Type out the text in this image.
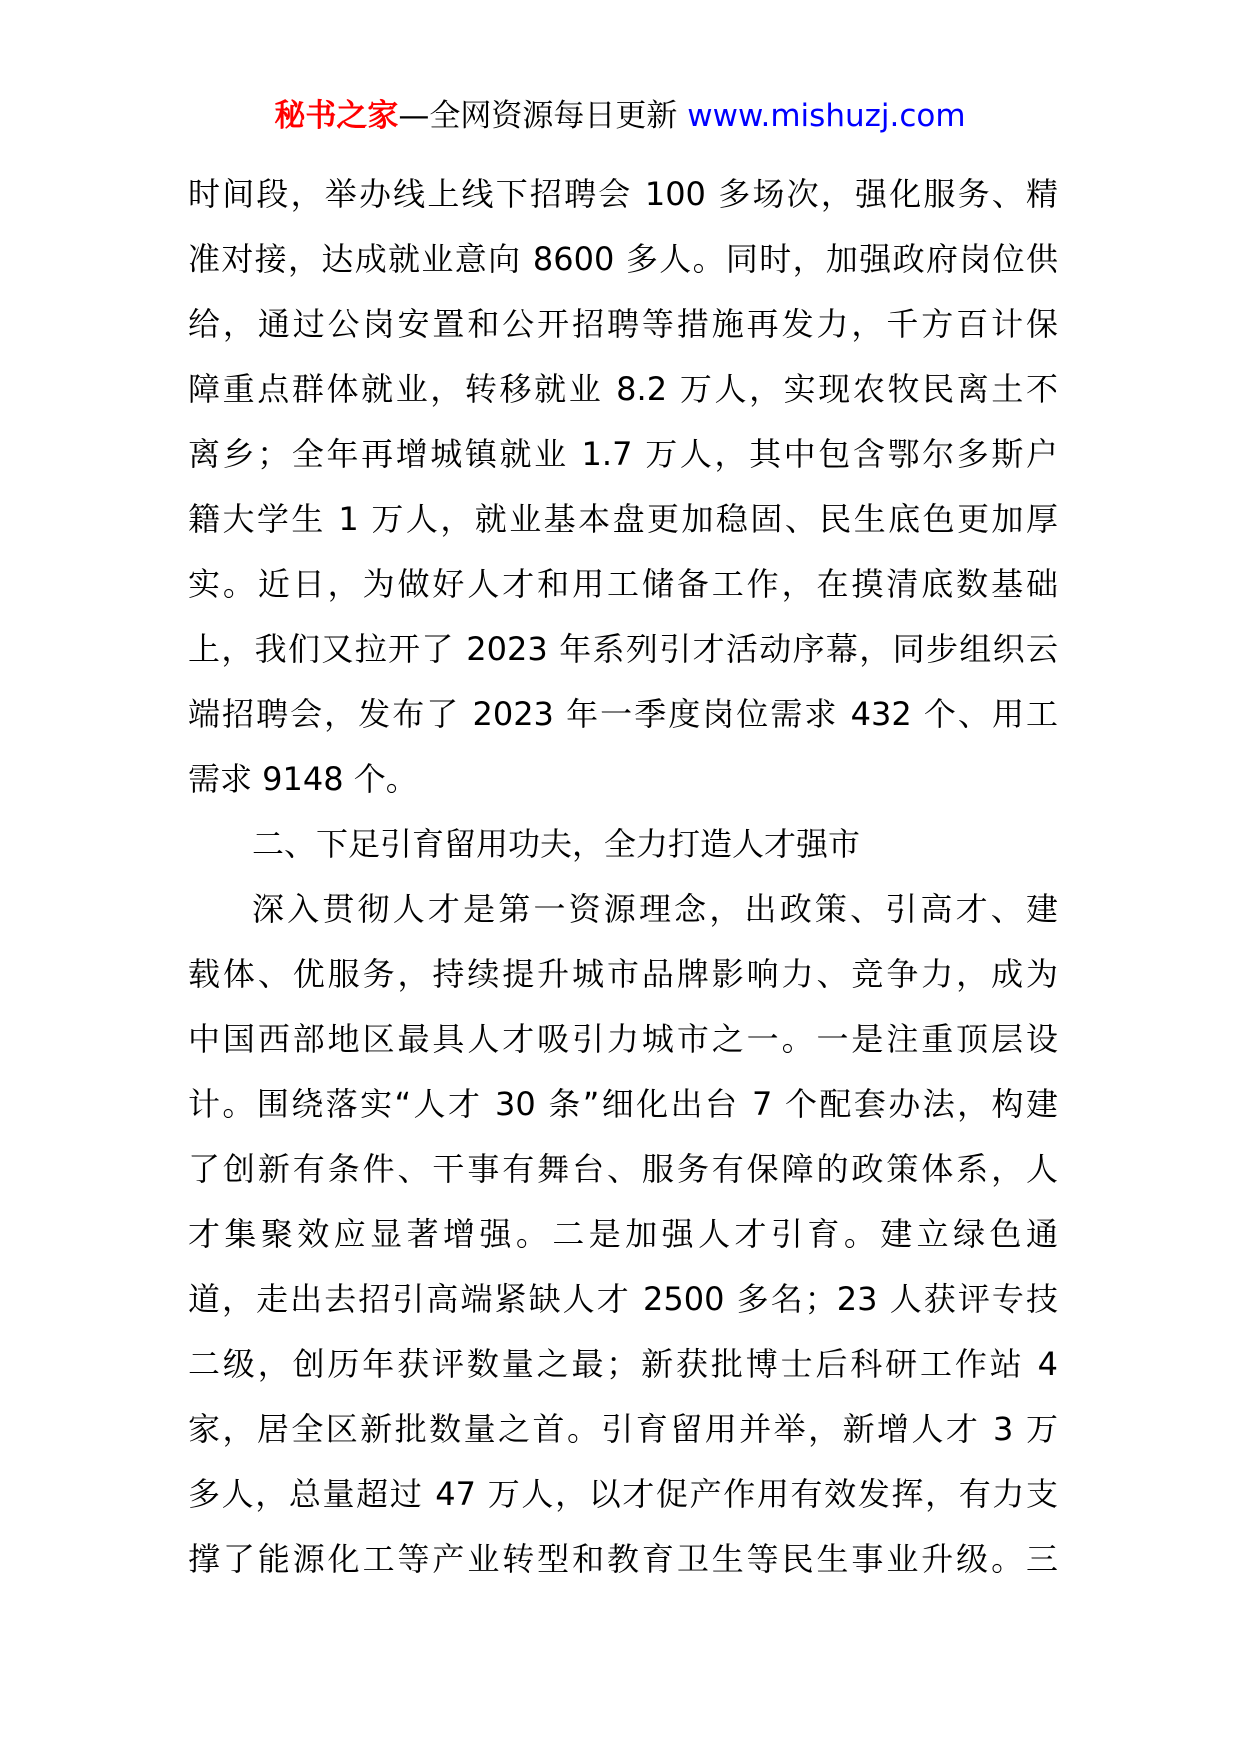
秘书之家—全网资源每日更新 www.mishuzj.com
时间段，举办线上线下招聘会 100 多场次，强化服务、精
准对接，达成就业意向 8600 多人。同时，加强政府岗位供
给，通过公岗安置和公开招聘等措施再发力，千方百计保
障重点群体就业，转移就业 8.2 万人，实现农牧民离土不
离乡；全年再增城镇就业 1.7 万人，其中包含鄂尔多斯户
籍大学生 1 万人，就业基本盘更加稳固、民生底色更加厚
实。近日，为做好人才和用工储备工作，在摸清底数基础
上，我们又拉开了 2023 年系列引才活动序幕，同步组织云
端招聘会，发布了 2023 年一季度岗位需求 432 个、用工
需求 9148 个。
二、下足引育留用功夫，全力打造人才强市
深入贯彻人才是第一资源理念，出政策、引高才、建
载体、优服务，持续提升城市品牌影响力、竞争力，成为
中国西部地区最具人才吸引力城市之一。一是注重顶层设
计。围绕落实“人才 30 条”细化出台 7 个配套办法，构建
了创新有条件、干事有舞台、服务有保障的政策体系，人
才集聚效应显著增强。二是加强人才引育。建立绿色通
道，走出去招引高端紧缺人才 2500 多名；23 人获评专技
二级，创历年获评数量之最；新获批博士后科研工作站 4
家，居全区新批数量之首。引育留用并举，新增人才 3 万
多人，总量超过 47 万人，以才促产作用有效发挥，有力支
撑了能源化工等产业转型和教育卫生等民生事业升级。三
